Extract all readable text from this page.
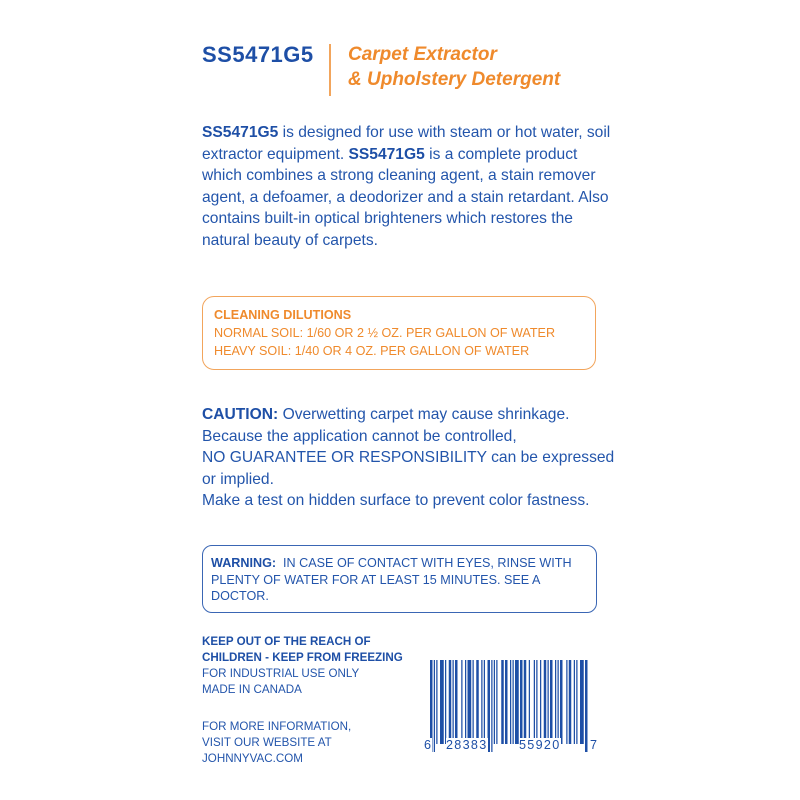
SS5471G5 Carpet Extractor
& Upholstery Detergent
SS5471G5 is designed for use with steam or hot water, soil extractor equipment. SS5471G5 is a complete product which combines a strong cleaning agent, a stain remover agent, a defoamer, a deodorizer and a stain retardant. Also contains built-in optical brighteners which restores the natural beauty of carpets.
CLEANING DILUTIONS
NORMAL SOIL: 1/60 OR 2 ½ OZ. PER GALLON OF WATER
HEAVY SOIL: 1/40 OR 4 OZ. PER GALLON OF WATER
CAUTION: Overwetting carpet may cause shrinkage.
Because the application cannot be controlled,
NO GUARANTEE OR RESPONSIBILITY can be expressed or implied.
Make a test on hidden surface to prevent color fastness.
WARNING:  IN CASE OF CONTACT WITH EYES, RINSE WITH PLENTY OF WATER FOR AT LEAST 15 MINUTES. SEE A DOCTOR.
KEEP OUT OF THE REACH OF
CHILDREN - KEEP FROM FREEZING
FOR INDUSTRIAL USE ONLY
MADE IN CANADA
FOR MORE INFORMATION,
VISIT OUR WEBSITE AT
JOHNNYVAC.COM
6 28383 55920 7
